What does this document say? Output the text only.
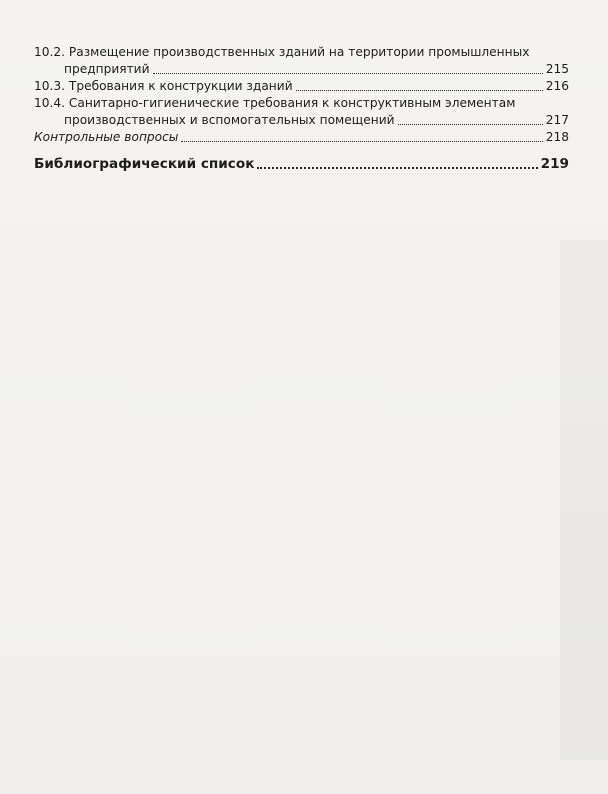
10.2. Размещение производственных зданий на территории промышленных
предприятий	215
10.3. Требования к конструкции зданий	216
10.4. Санитарно-гигиенические требования к конструктивным элементам
производственных и вспомогательных помещений	217
Контрольные вопросы	218
Библиографический список	219
